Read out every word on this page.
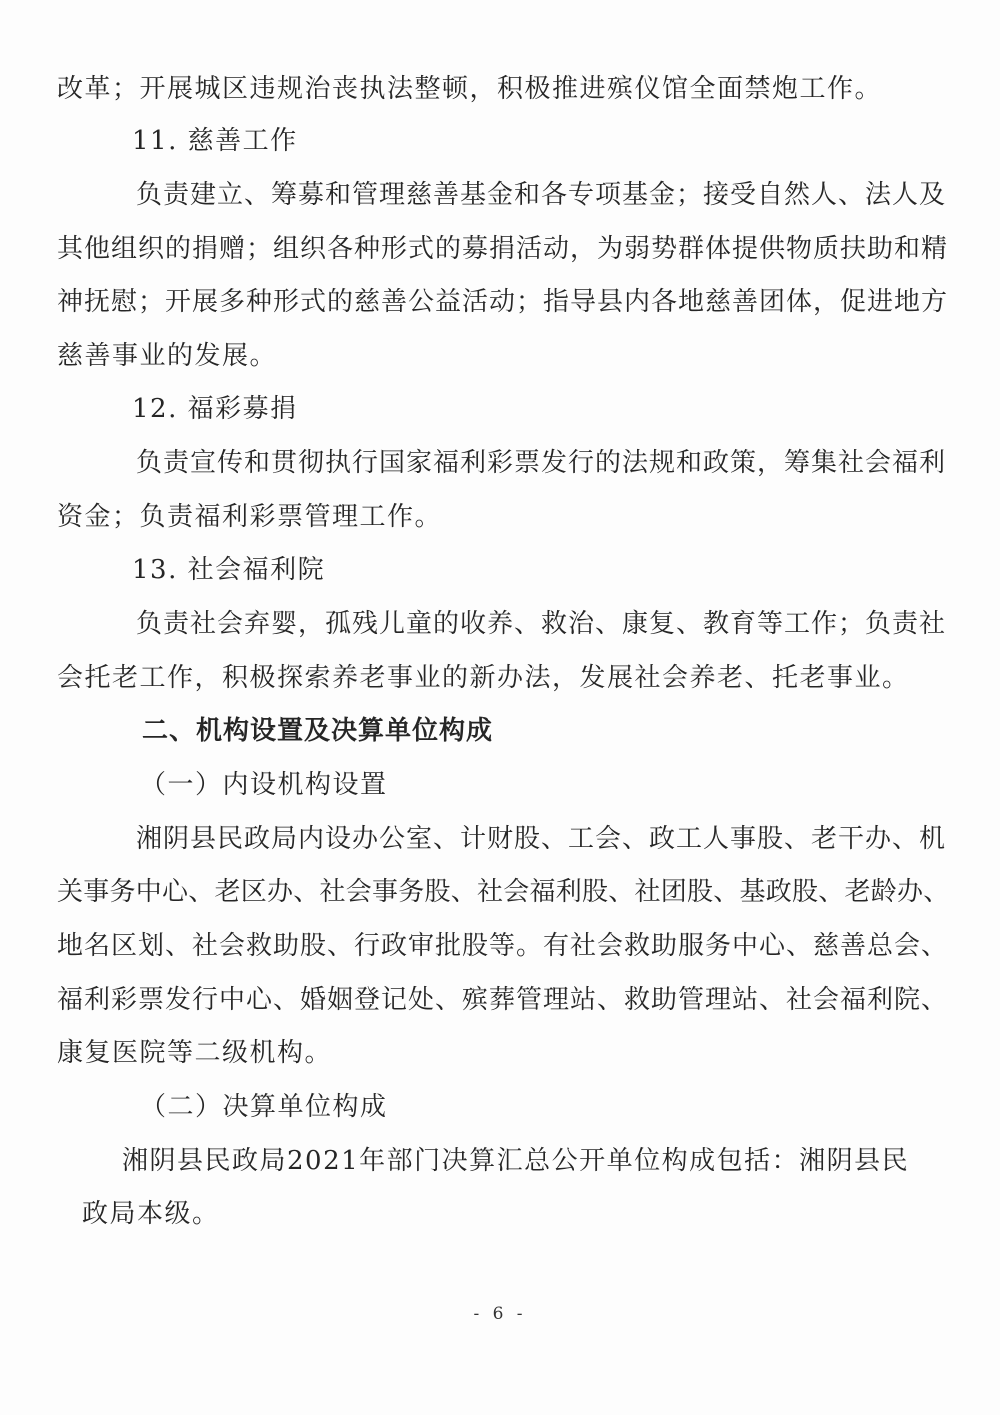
改革；开展城区违规治丧执法整顿，积极推进殡仪馆全面禁炮工作。
11. 慈善工作
负责建立、筹募和管理慈善基金和各专项基金；接受自然人、法人及
其他组织的捐赠；组织各种形式的募捐活动，为弱势群体提供物质扶助和精
神抚慰；开展多种形式的慈善公益活动；指导县内各地慈善团体，促进地方
慈善事业的发展。
12. 福彩募捐
负责宣传和贯彻执行国家福利彩票发行的法规和政策，筹集社会福利
资金；负责福利彩票管理工作。
13. 社会福利院
负责社会弃婴，孤残儿童的收养、救治、康复、教育等工作；负责社
会托老工作，积极探索养老事业的新办法，发展社会养老、托老事业。
二、机构设置及决算单位构成
（一）内设机构设置
湘阴县民政局内设办公室、计财股、工会、政工人事股、老干办、机
关事务中心、老区办、社会事务股、社会福利股、社团股、基政股、老龄办、
地名区划、社会救助股、行政审批股等。有社会救助服务中心、慈善总会、
福利彩票发行中心、婚姻登记处、殡葬管理站、救助管理站、社会福利院、
康复医院等二级机构。
（二）决算单位构成
湘阴县民政局2021年部门决算汇总公开单位构成包括：湘阴县民
政局本级。
- 6 -
